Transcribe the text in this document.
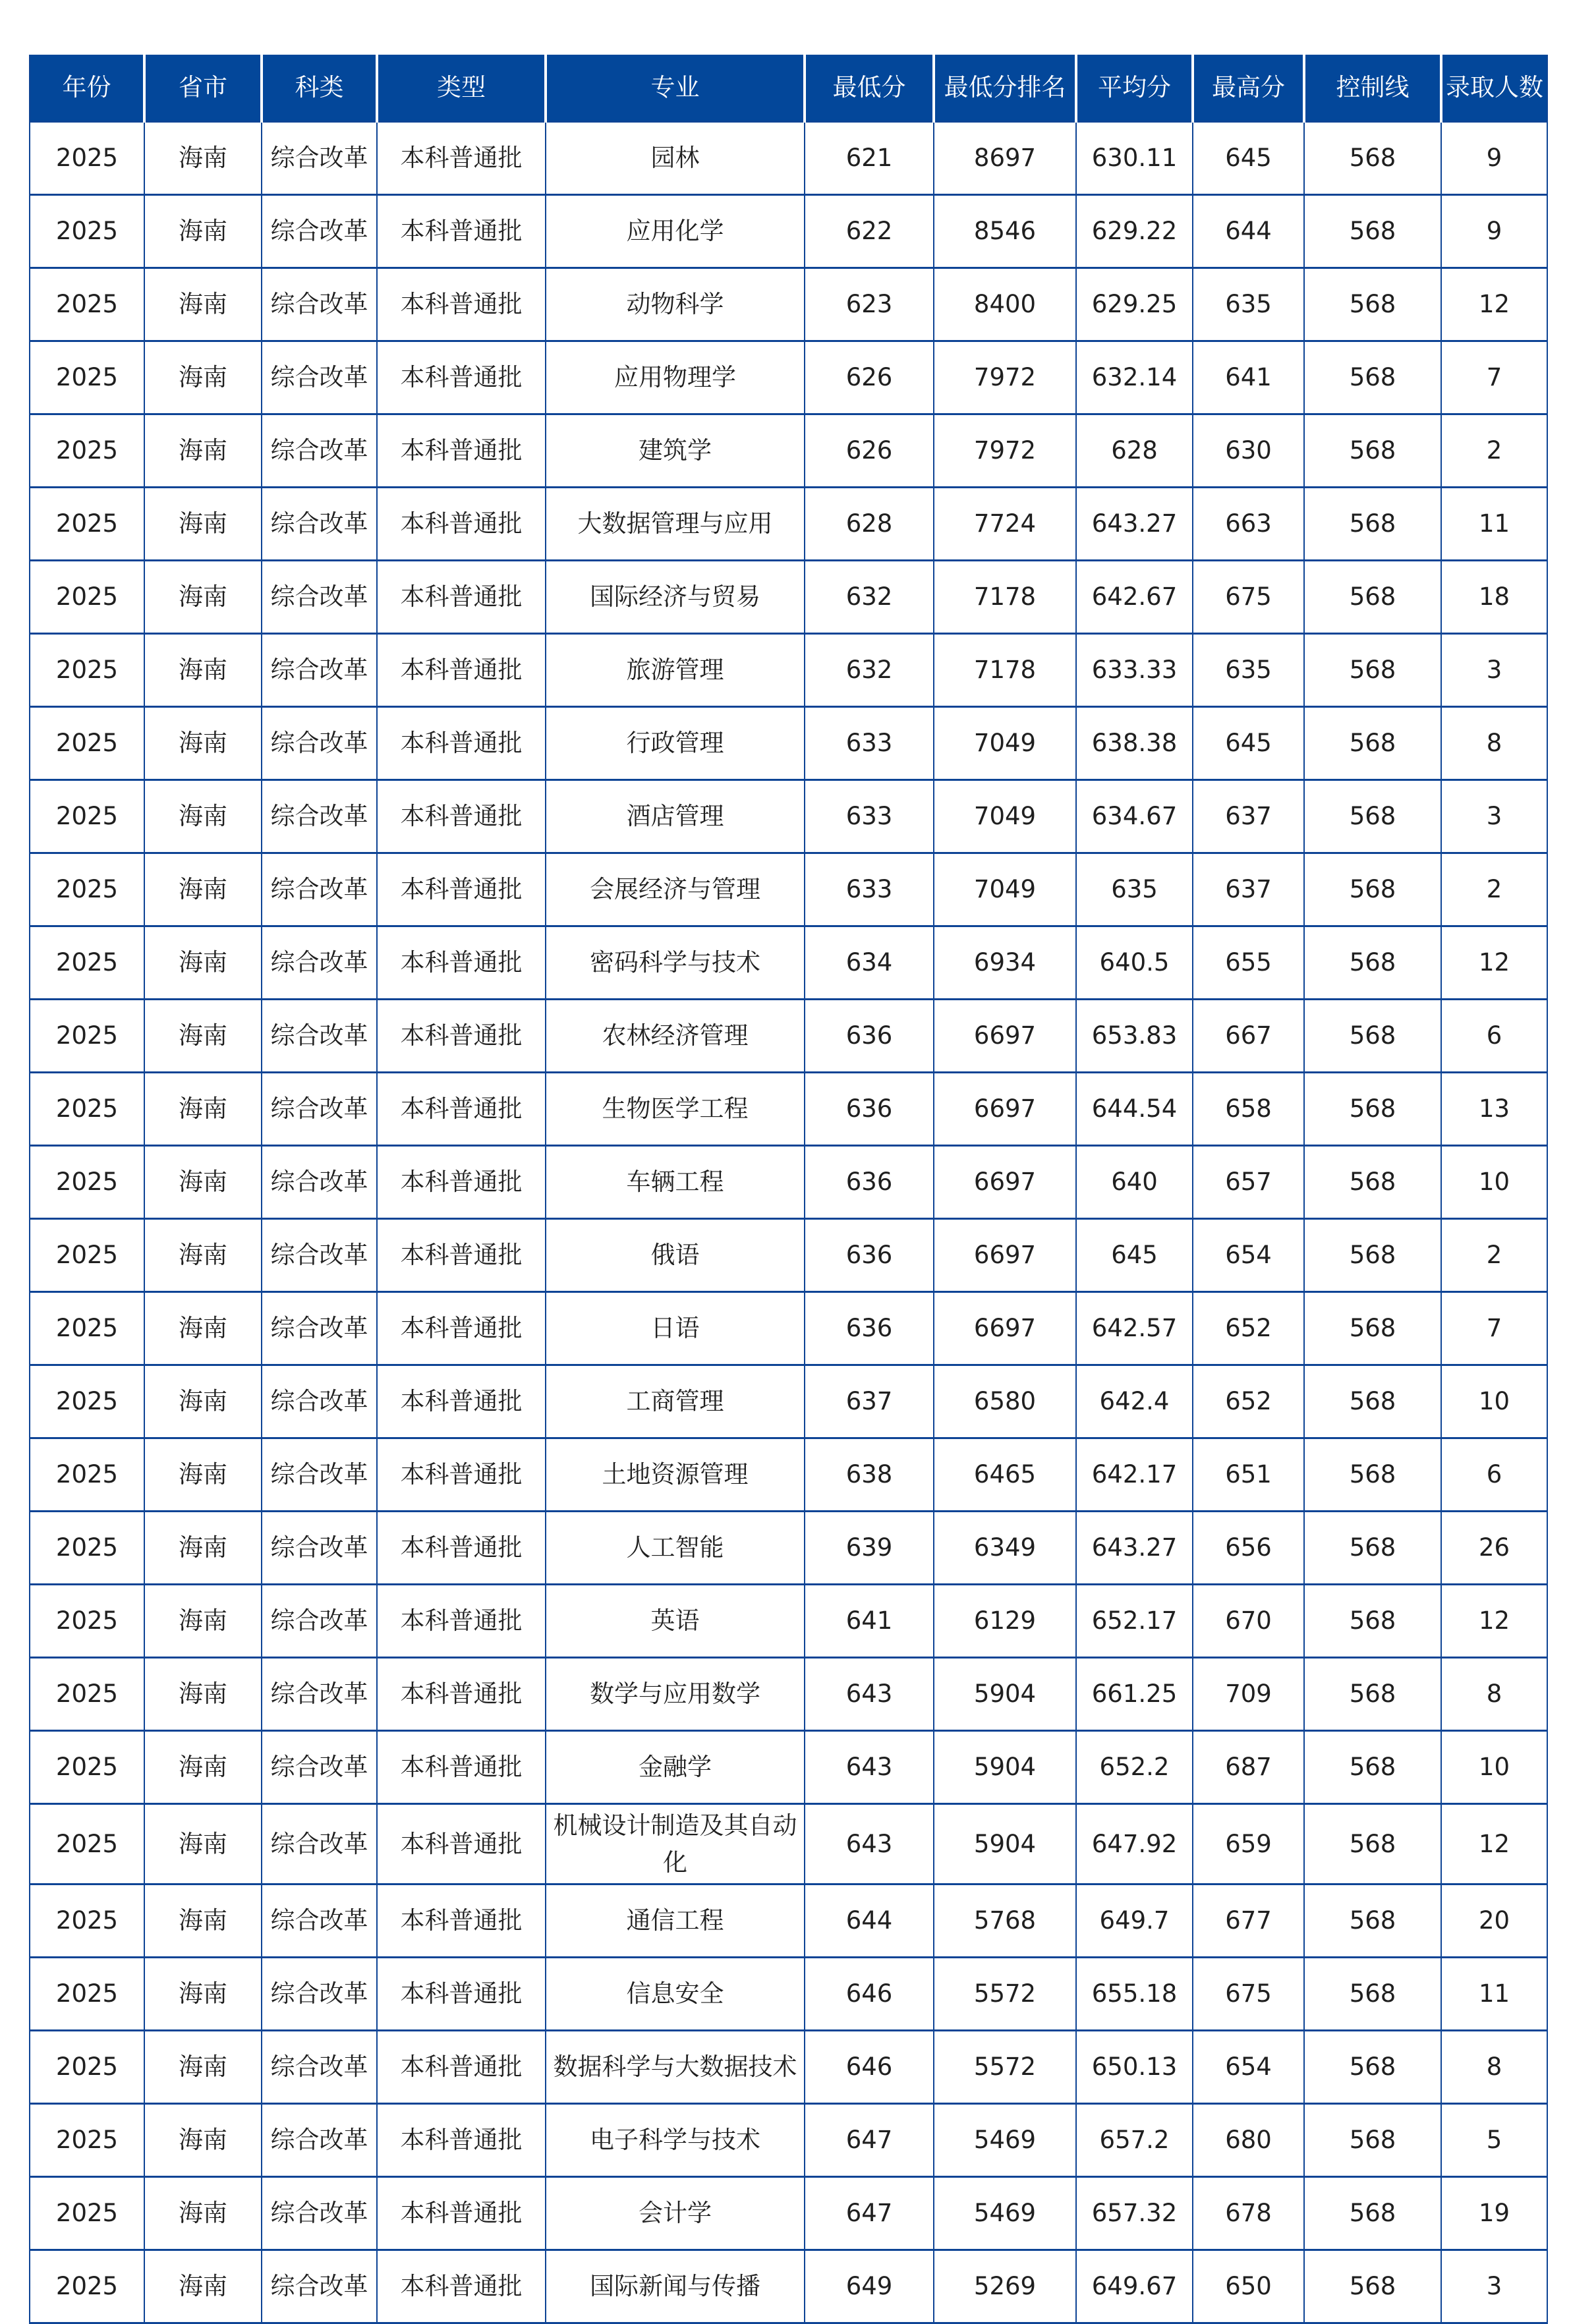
年份	省市	科类	类型	专业	最低分	最低分排名	平均分	最高分	控制线	录取人数
2025	海南	综合改革	本科普通批	园林	621	8697	630.11	645	568	9
2025	海南	综合改革	本科普通批	应用化学	622	8546	629.22	644	568	9
2025	海南	综合改革	本科普通批	动物科学	623	8400	629.25	635	568	12
2025	海南	综合改革	本科普通批	应用物理学	626	7972	632.14	641	568	7
2025	海南	综合改革	本科普通批	建筑学	626	7972	628	630	568	2
2025	海南	综合改革	本科普通批	大数据管理与应用	628	7724	643.27	663	568	11
2025	海南	综合改革	本科普通批	国际经济与贸易	632	7178	642.67	675	568	18
2025	海南	综合改革	本科普通批	旅游管理	632	7178	633.33	635	568	3
2025	海南	综合改革	本科普通批	行政管理	633	7049	638.38	645	568	8
2025	海南	综合改革	本科普通批	酒店管理	633	7049	634.67	637	568	3
2025	海南	综合改革	本科普通批	会展经济与管理	633	7049	635	637	568	2
2025	海南	综合改革	本科普通批	密码科学与技术	634	6934	640.5	655	568	12
2025	海南	综合改革	本科普通批	农林经济管理	636	6697	653.83	667	568	6
2025	海南	综合改革	本科普通批	生物医学工程	636	6697	644.54	658	568	13
2025	海南	综合改革	本科普通批	车辆工程	636	6697	640	657	568	10
2025	海南	综合改革	本科普通批	俄语	636	6697	645	654	568	2
2025	海南	综合改革	本科普通批	日语	636	6697	642.57	652	568	7
2025	海南	综合改革	本科普通批	工商管理	637	6580	642.4	652	568	10
2025	海南	综合改革	本科普通批	土地资源管理	638	6465	642.17	651	568	6
2025	海南	综合改革	本科普通批	人工智能	639	6349	643.27	656	568	26
2025	海南	综合改革	本科普通批	英语	641	6129	652.17	670	568	12
2025	海南	综合改革	本科普通批	数学与应用数学	643	5904	661.25	709	568	8
2025	海南	综合改革	本科普通批	金融学	643	5904	652.2	687	568	10
2025	海南	综合改革	本科普通批	机械设计制造及其自动化	643	5904	647.92	659	568	12
2025	海南	综合改革	本科普通批	通信工程	644	5768	649.7	677	568	20
2025	海南	综合改革	本科普通批	信息安全	646	5572	655.18	675	568	11
2025	海南	综合改革	本科普通批	数据科学与大数据技术	646	5572	650.13	654	568	8
2025	海南	综合改革	本科普通批	电子科学与技术	647	5469	657.2	680	568	5
2025	海南	综合改革	本科普通批	会计学	647	5469	657.32	678	568	19
2025	海南	综合改革	本科普通批	国际新闻与传播	649	5269	649.67	650	568	3
